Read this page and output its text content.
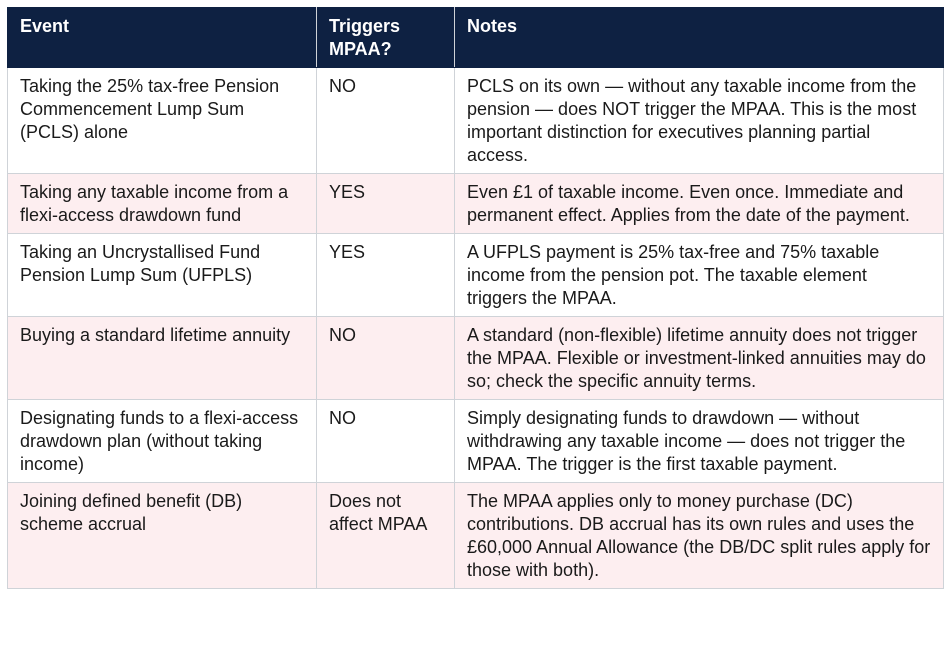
Event	Triggers MPAA?	Notes
Taking the 25% tax-free Pension Commencement Lump Sum (PCLS) alone	NO	PCLS on its own — without any taxable income from the pension — does NOT trigger the MPAA. This is the most important distinction for executives planning partial access.
Taking any taxable income from a flexi-access drawdown fund	YES	Even £1 of taxable income. Even once. Immediate and permanent effect. Applies from the date of the payment.
Taking an Uncrystallised Fund Pension Lump Sum (UFPLS)	YES	A UFPLS payment is 25% tax-free and 75% taxable income from the pension pot. The taxable element triggers the MPAA.
Buying a standard lifetime annuity	NO	A standard (non-flexible) lifetime annuity does not trigger the MPAA. Flexible or investment-linked annuities may do so; check the specific annuity terms.
Designating funds to a flexi-access drawdown plan (without taking income)	NO	Simply designating funds to drawdown — without withdrawing any taxable income — does not trigger the MPAA. The trigger is the first taxable payment.
Joining defined benefit (DB) scheme accrual	Does not affect MPAA	The MPAA applies only to money purchase (DC) contributions. DB accrual has its own rules and uses the £60,000 Annual Allowance (the DB/DC split rules apply for those with both).
